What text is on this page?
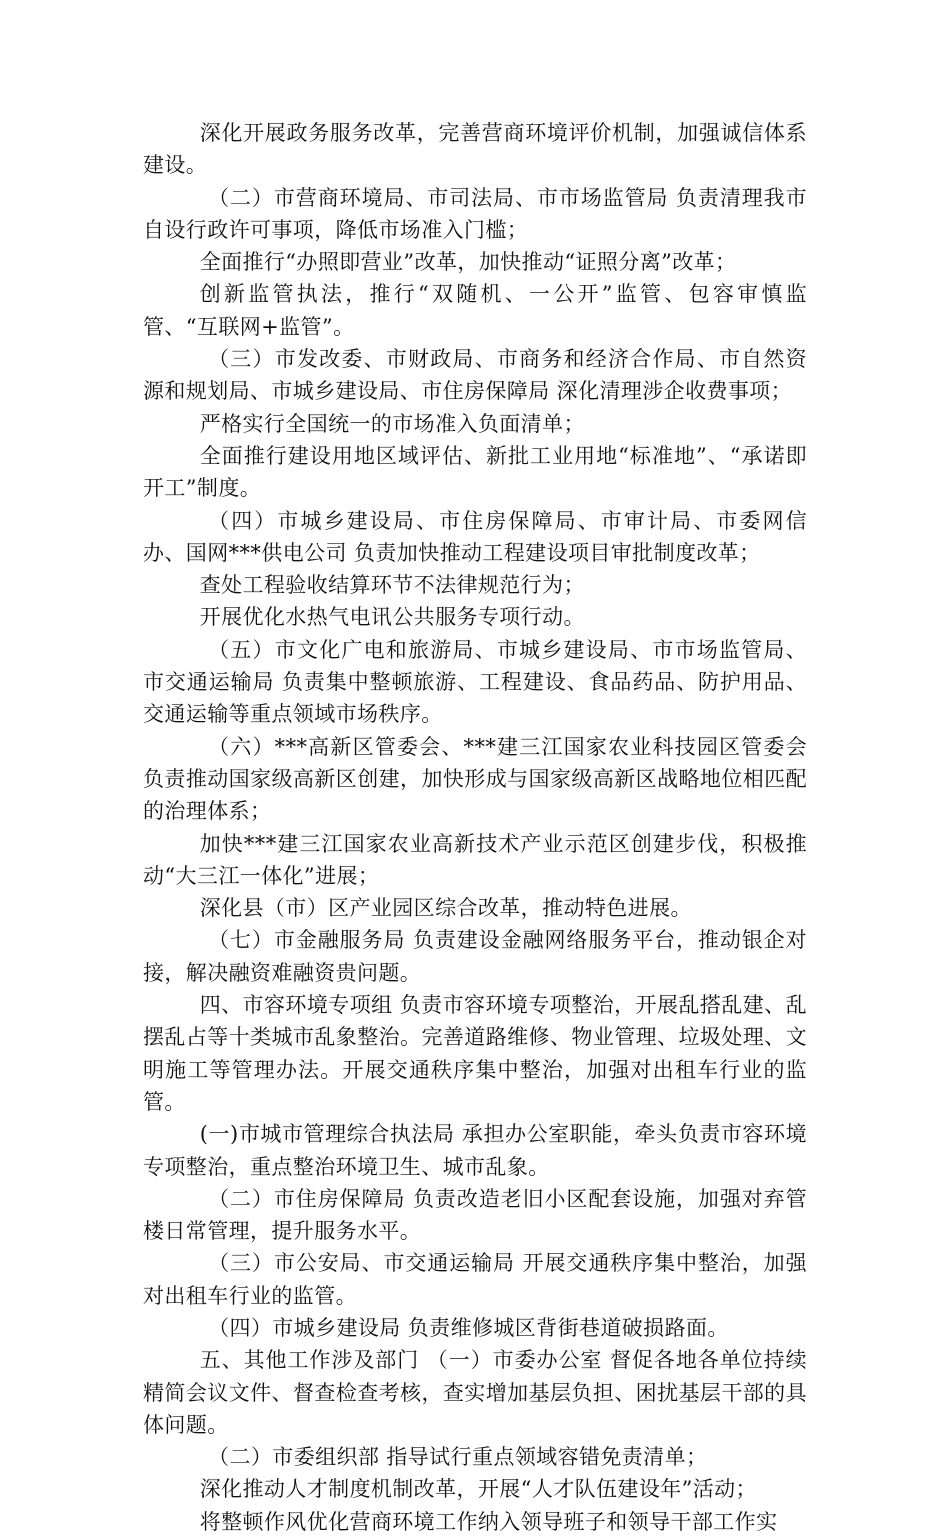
深化开展政务服务改革，完善营商环境评价机制，加强诚信体系建设。

（二）市营商环境局、市司法局、市市场监管局 负责清理我市自设行政许可事项，降低市场准入门槛；

全面推行“办照即营业”改革，加快推动“证照分离”改革；

创新监管执法，推行“双随机、一公开”监管、包容审慎监管、“互联网+监管”。

（三）市发改委、市财政局、市商务和经济合作局、市自然资源和规划局、市城乡建设局、市住房保障局 深化清理涉企收费事项；

严格实行全国统一的市场准入负面清单；

全面推行建设用地区域评估、新批工业用地“标准地”、“承诺即开工”制度。

（四）市城乡建设局、市住房保障局、市审计局、市委网信办、国网***供电公司 负责加快推动工程建设项目审批制度改革；

查处工程验收结算环节不法律规范行为；

开展优化水热气电讯公共服务专项行动。

（五）市文化广电和旅游局、市城乡建设局、市市场监管局、市交通运输局 负责集中整顿旅游、工程建设、食品药品、防护用品、交通运输等重点领域市场秩序。

（六）***高新区管委会、***建三江国家农业科技园区管委会 负责推动国家级高新区创建，加快形成与国家级高新区战略地位相匹配的治理体系；

加快***建三江国家农业高新技术产业示范区创建步伐，积极推动“大三江一体化”进展；

深化县（市）区产业园区综合改革，推动特色进展。

（七）市金融服务局 负责建设金融网络服务平台，推动银企对接，解决融资难融资贵问题。

四、市容环境专项组 负责市容环境专项整治，开展乱搭乱建、乱摆乱占等十类城市乱象整治。完善道路维修、物业管理、垃圾处理、文明施工等管理办法。开展交通秩序集中整治，加强对出租车行业的监管。

(一)市城市管理综合执法局 承担办公室职能，牵头负责市容环境专项整治，重点整治环境卫生、城市乱象。

（二）市住房保障局 负责改造老旧小区配套设施，加强对弃管楼日常管理，提升服务水平。

（三）市公安局、市交通运输局 开展交通秩序集中整治，加强对出租车行业的监管。

（四）市城乡建设局 负责维修城区背街巷道破损路面。

五、其他工作涉及部门 （一）市委办公室 督促各地各单位持续精简会议文件、督查检查考核，查实增加基层负担、困扰基层干部的具体问题。

（二）市委组织部 指导试行重点领域容错免责清单；

深化推动人才制度机制改革，开展“人才队伍建设年”活动；

将整顿作风优化营商环境工作纳入领导班子和领导干部工作实
